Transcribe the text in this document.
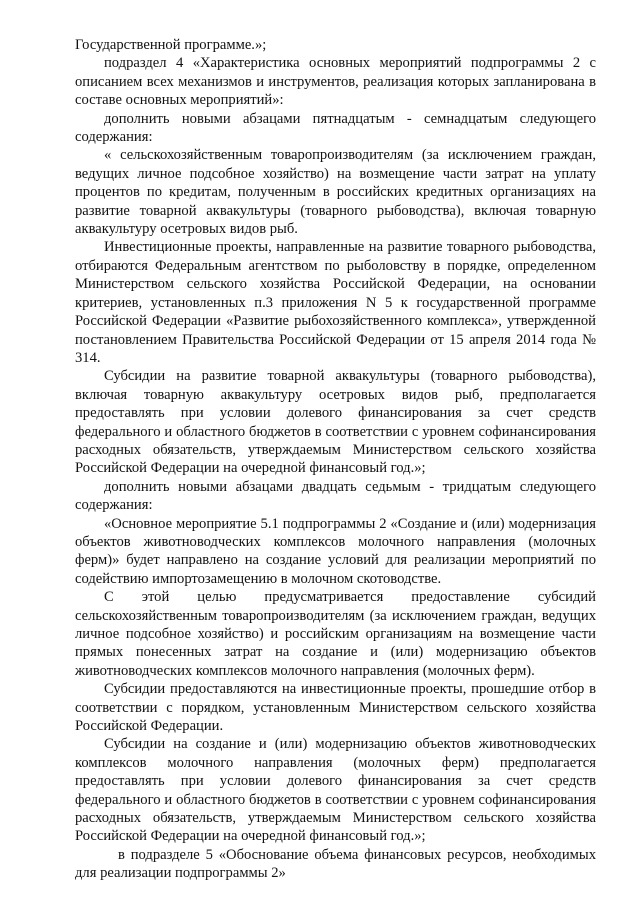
Государственной программе.»;

подраздел 4 «Характеристика основных мероприятий подпрограммы 2 с описанием всех механизмов и инструментов, реализация которых запланирована в составе основных мероприятий»:

дополнить новыми абзацами пятнадцатым - семнадцатым следующего содержания:

« сельскохозяйственным товаропроизводителям (за исключением граждан, ведущих личное подсобное хозяйство) на возмещение части затрат на уплату процентов по кредитам, полученным в российских кредитных организациях на развитие товарной аквакультуры (товарного рыбоводства), включая товарную аквакультуру осетровых видов рыб.

Инвестиционные проекты, направленные на развитие товарного рыбоводства, отбираются Федеральным агентством по рыболовству в порядке, определенном Министерством сельского хозяйства Российской Федерации, на основании критериев, установленных п.3 приложения N 5 к государственной программе Российской Федерации «Развитие рыбохозяйственного комплекса», утвержденной постановлением Правительства Российской Федерации от 15 апреля 2014 года № 314.

Субсидии на развитие товарной аквакультуры (товарного рыбоводства), включая товарную аквакультуру осетровых видов рыб, предполагается предоставлять при условии долевого финансирования за счет средств федерального и областного бюджетов в соответствии с уровнем софинансирования расходных обязательств, утверждаемым Министерством сельского хозяйства Российской Федерации на очередной финансовый год.»;

дополнить новыми абзацами двадцать седьмым - тридцатым следующего содержания:

«Основное мероприятие 5.1 подпрограммы 2 «Создание и (или) модернизация объектов животноводческих комплексов молочного направления (молочных ферм)» будет направлено на создание условий для реализации мероприятий по содействию импортозамещению в молочном скотоводстве.

С этой целью предусматривается предоставление субсидий сельскохозяйственным товаропроизводителям (за исключением граждан, ведущих личное подсобное хозяйство) и российским организациям на возмещение части прямых понесенных затрат на создание и (или) модернизацию объектов животноводческих комплексов молочного направления (молочных ферм).

Субсидии предоставляются на инвестиционные проекты, прошедшие отбор в соответствии с порядком, установленным Министерством сельского хозяйства Российской Федерации.

Субсидии на создание и (или) модернизацию объектов животноводческих комплексов молочного направления (молочных ферм) предполагается предоставлять при условии долевого финансирования за счет средств федерального и областного бюджетов в соответствии с уровнем софинансирования расходных обязательств, утверждаемым Министерством сельского хозяйства Российской Федерации на очередной финансовый год.»;

в подразделе 5 «Обоснование объема финансовых ресурсов, необходимых для реализации подпрограммы 2»
